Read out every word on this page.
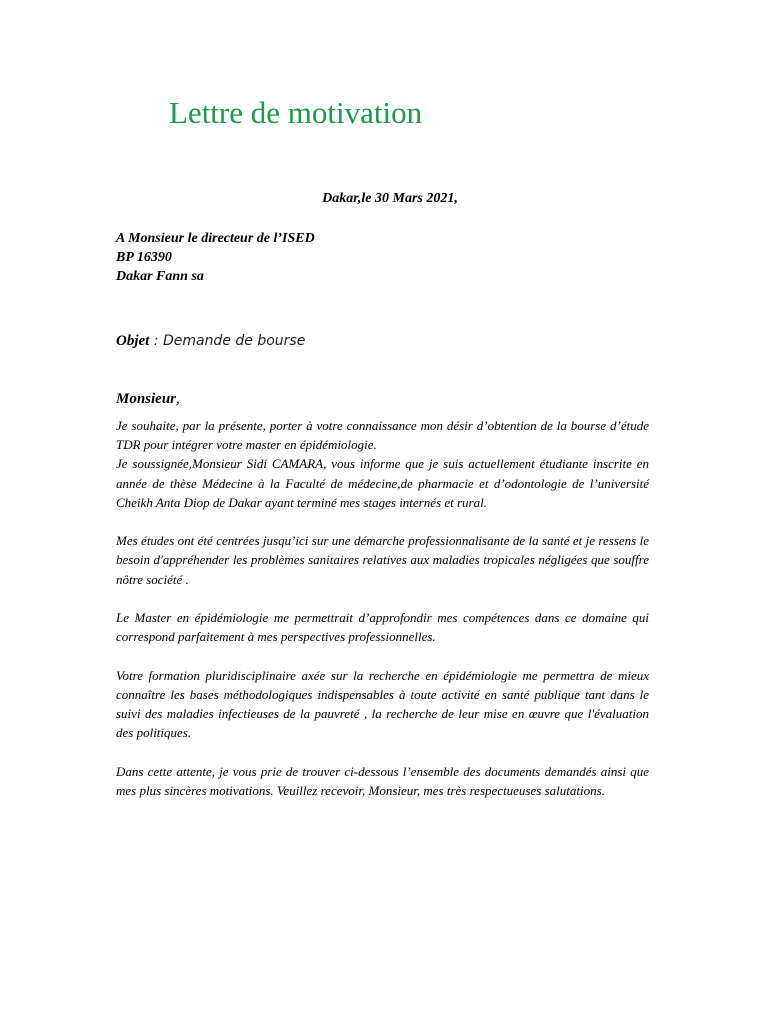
Lettre de motivation
Dakar,le 30 Mars 2021,
A Monsieur le directeur de l’ISED
BP 16390
Dakar Fann sa
Objet : Demande de bourse
Monsieur,

Je souhaite, par la présente, porter à votre connaissance mon désir d’obtention de la bourse d’étude TDR pour intégrer votre master en épidémiologie.

Je soussignée,Monsieur Sidi CAMARA, vous informe que je suis actuellement étudiante inscrite en année de thèse Médecine à la Faculté de médecine,de pharmacie et d’odontologie de l’université Cheikh Anta Diop de Dakar ayant terminé mes stages internés et rural.

Mes études ont été centrées jusqu’ici sur une démarche professionnalisante de la santé et je ressens le besoin d'appréhender les problèmes sanitaires relatives aux maladies tropicales négligées que souffre nôtre société .

Le Master en épidémiologie me permettrait d’approfondir mes compétences dans ce domaine qui correspond parfaitement à mes perspectives professionnelles.

Votre formation pluridisciplinaire axée sur la recherche en épidémiologie me permettra de mieux connaître les bases méthodologiques indispensables à toute activité en santé publique tant dans le suivi des maladies infectieuses de la pauvreté , la recherche de leur mise en œuvre que l'évaluation des politiques.

Dans cette attente, je vous prie de trouver ci-dessous l’ensemble des documents demandés ainsi que mes plus sincères motivations. Veuillez recevoir, Monsieur, mes très respectueuses salutations.
